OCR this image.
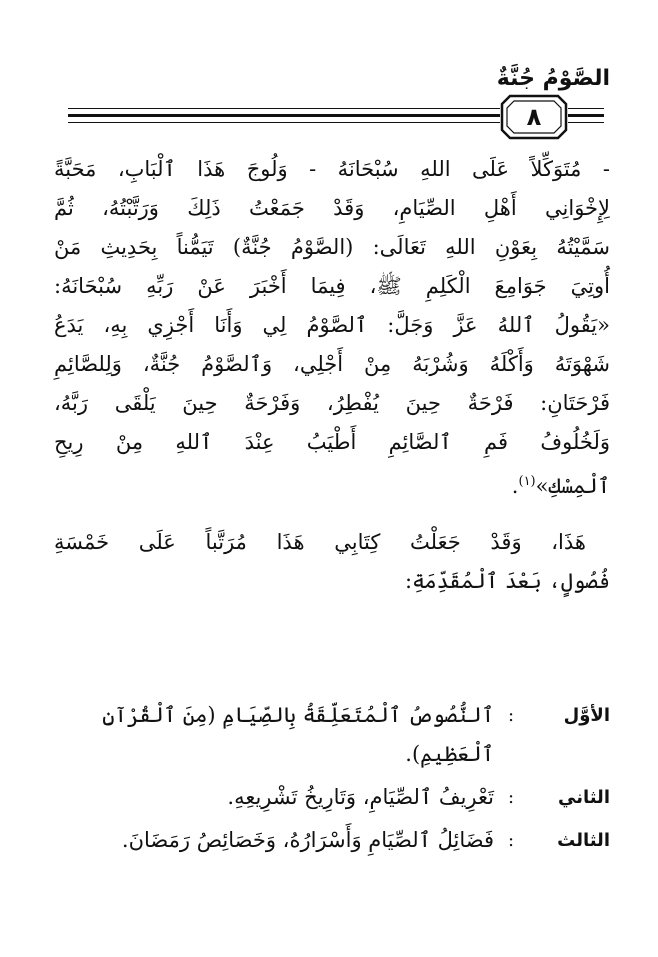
الصَّوْمُ جُنَّةٌ
٨
- مُتَوَكِّلاً عَلَى اللهِ سُبْحَانَهُ - وَلُوجَ هَذَا ٱلْبَابِ، مَحَبَّةً
لِإِخْوَانِي أَهْلِ الصِّيَامِ، وَقَدْ جَمَعْتُ ذَلِكَ وَرَتَّبْتُهُ، ثُمَّ
سَمَّيْتُهُ بِعَوْنِ اللهِ تَعَالَى: (الصَّوْمُ جُنَّةٌ) تَيَمُّناً بِحَدِيثِ مَنْ
أُوتِيَ جَوَامِعَ الْكَلِمِ ﷺ، فِيمَا أَخْبَرَ عَنْ رَبِّهِ سُبْحَانَهُ:
«يَقُولُ ٱللهُ عَزَّ وَجَلَّ: ٱلصَّوْمُ لِي وَأَنَا أَجْزِي بِهِ، يَدَعُ
شَهْوَتَهُ وَأَكْلَهُ وَشُرْبَهُ مِنْ أَجْلِي، وَٱلصَّوْمُ جُنَّةٌ، وَلِلصَّائِمِ
فَرْحَتَانِ: فَرْحَةٌ حِينَ يُفْطِرُ، وَفَرْحَةٌ حِينَ يَلْقَى رَبَّهُ،
وَلَخُلُوفُ فَمِ ٱلصَّائِمِ أَطْيَبُ عِنْدَ ٱللهِ مِنْ رِيحِ
ٱلْمِسْكِ»$^{(١)}$.
هَذَا، وَقَدْ جَعَلْتُ كِتَابِي هَذَا مُرَتَّباً عَلَى خَمْسَةِ
فُصُولٍ، بَعْدَ ٱلْمُقَدِّمَةِ:
الأوَّل
:
ٱلنُّصُوصُ ٱلْمُتَعَلِّقَةُ بِالصِّيَامِ (مِنَ ٱلْقُرْآنِ
ٱلْعَظِيمِ).
الثاني
:
تَعْرِيفُ ٱلصِّيَامِ، وَتَارِيخُ تَشْرِيعِهِ.
الثالث
:
فَضَائِلُ ٱلصِّيَامِ وَأَسْرَارُهُ، وَخَصَائِصُ رَمَضَانَ.
